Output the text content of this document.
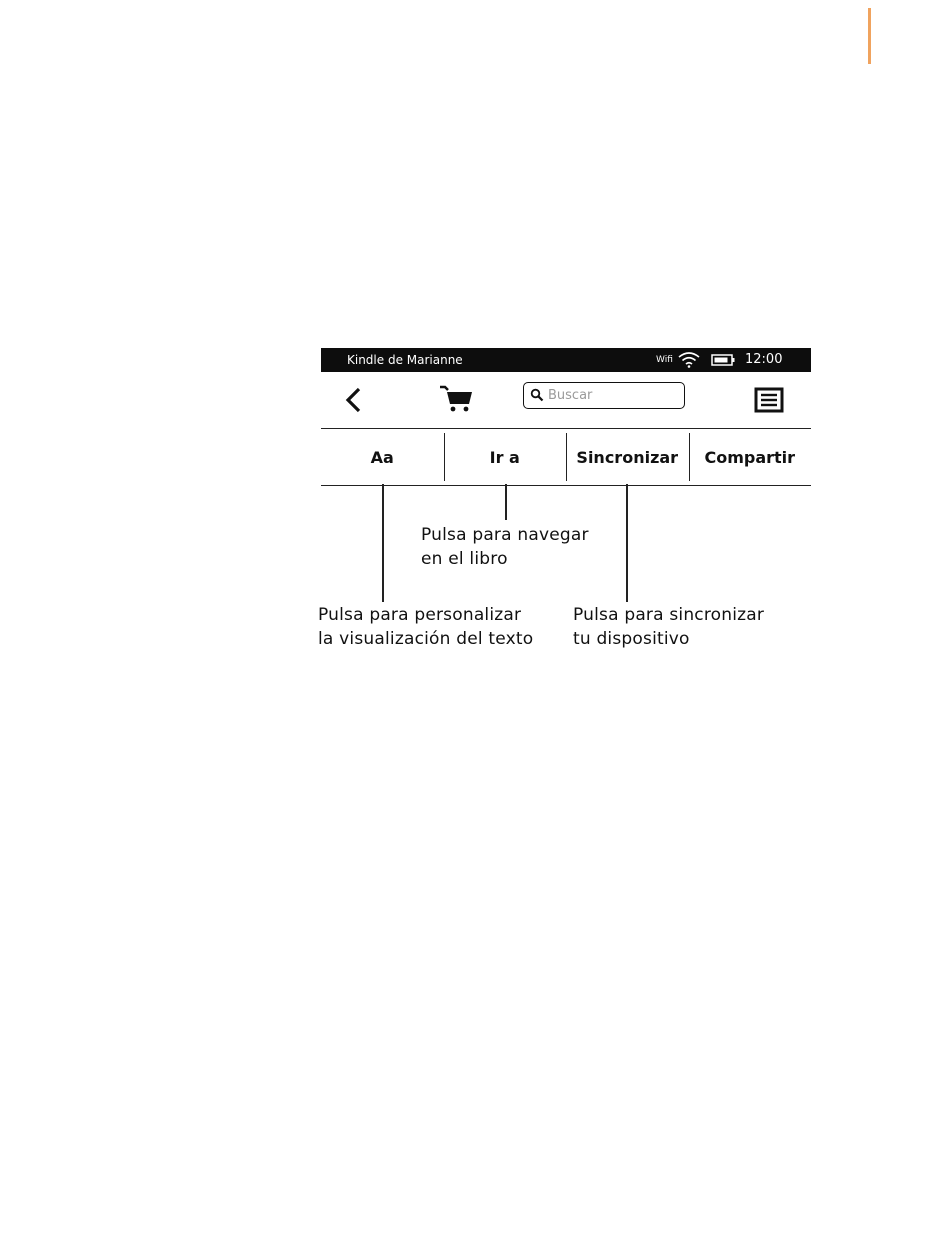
Kindle de Marianne	Wifi	12:00
Buscar
Aa	Ir a	Sincronizar Compartir
Pulsa para navegar
en el libro
Pulsa para personalizar
la visualización del texto
Pulsa para sincronizar
tu dispositivo
